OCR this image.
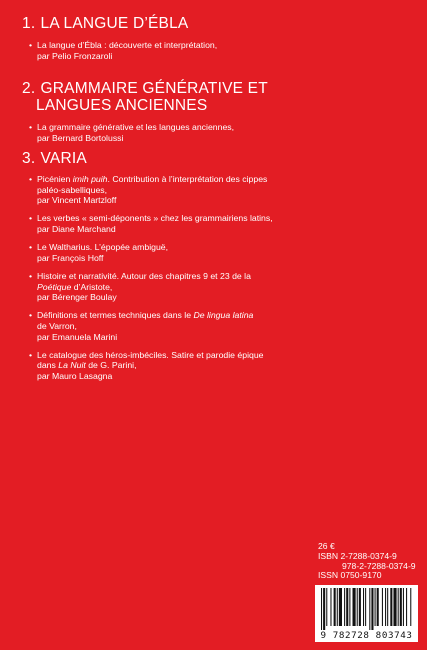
1. LA LANGUE D’ÉBLA
• La langue d’Ébla : découverte et interprétation,
par Pelio Fronzaroli
2. GRAMMAIRE GÉNÉRATIVE ET
LANGUES ANCIENNES
• La grammaire générative et les langues anciennes,
par Bernard Bortolussi
3. VARIA
• Picénien imih puih. Contribution à l’interprétation des cippes
paléo-sabelliques,
par Vincent Martzloff
• Les verbes « semi-déponents » chez les grammairiens latins,
par Diane Marchand
• Le Waltharius. L’épopée ambiguë,
par François Hoff
• Histoire et narrativité. Autour des chapitres 9 et 23 de la
Poétique d’Aristote,
par Bérenger Boulay
• Définitions et termes techniques dans le De lingua latina
de Varron,
par Emanuela Marini
• Le catalogue des héros-imbéciles. Satire et parodie épique
dans La Nuit de G. Parini,
par Mauro Lasagna
26 €
ISBN 2-7288-0374-9
978-2-7288-0374-9
ISSN 0750-9170
9 782728 803743
